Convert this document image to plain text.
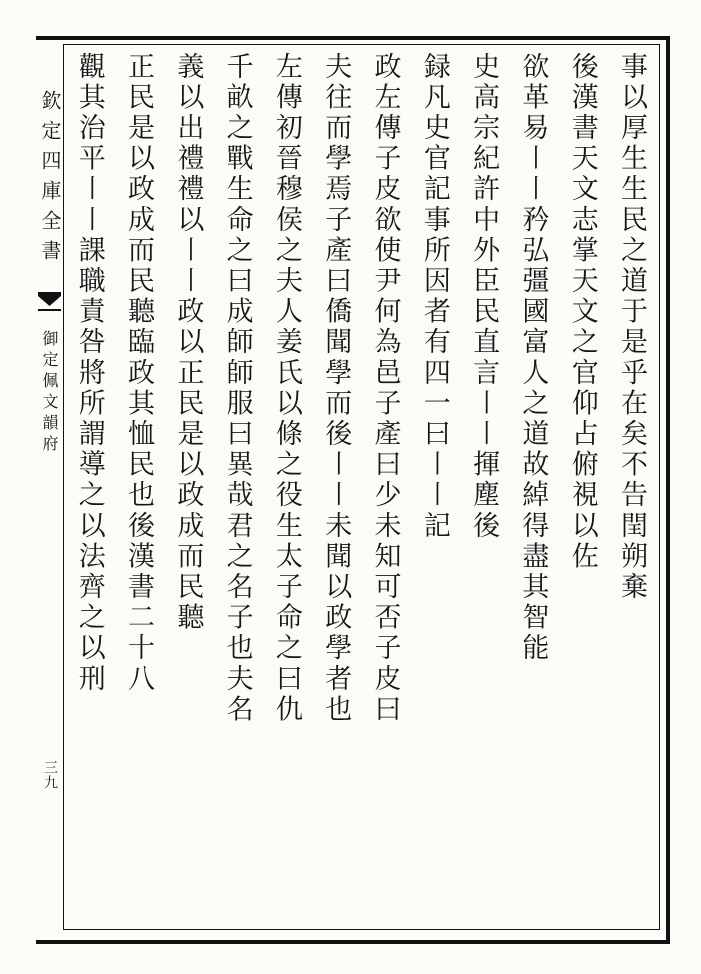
欽定四庫全書
御定佩文韻府
三九
事以厚生生民之道于是乎在矣不告閏朔棄
後漢書天文志掌天文之官仰占俯視以佐
欲革易〡〡矜弘彊國富人之道故綽得盡其智能
史高宗紀許中外臣民直言〡〡揮塵後
録凡史官記事所因者有四一曰〡〡記
政左傳子皮欲使尹何為邑子產曰少未知可否子皮曰
夫往而學焉子產曰僑聞學而後〡〡未聞以政學者也
左傳初晉穆侯之夫人姜氏以條之役生太子命之曰仇
千畝之戰生命之曰成師師服曰異哉君之名子也夫名
義以出禮禮以〡〡政以正民是以政成而民聽
正民是以政成而民聽臨政其恤民也後漢書二十八
觀其治平〡〡課職責咎將所謂導之以法齊之以刑
